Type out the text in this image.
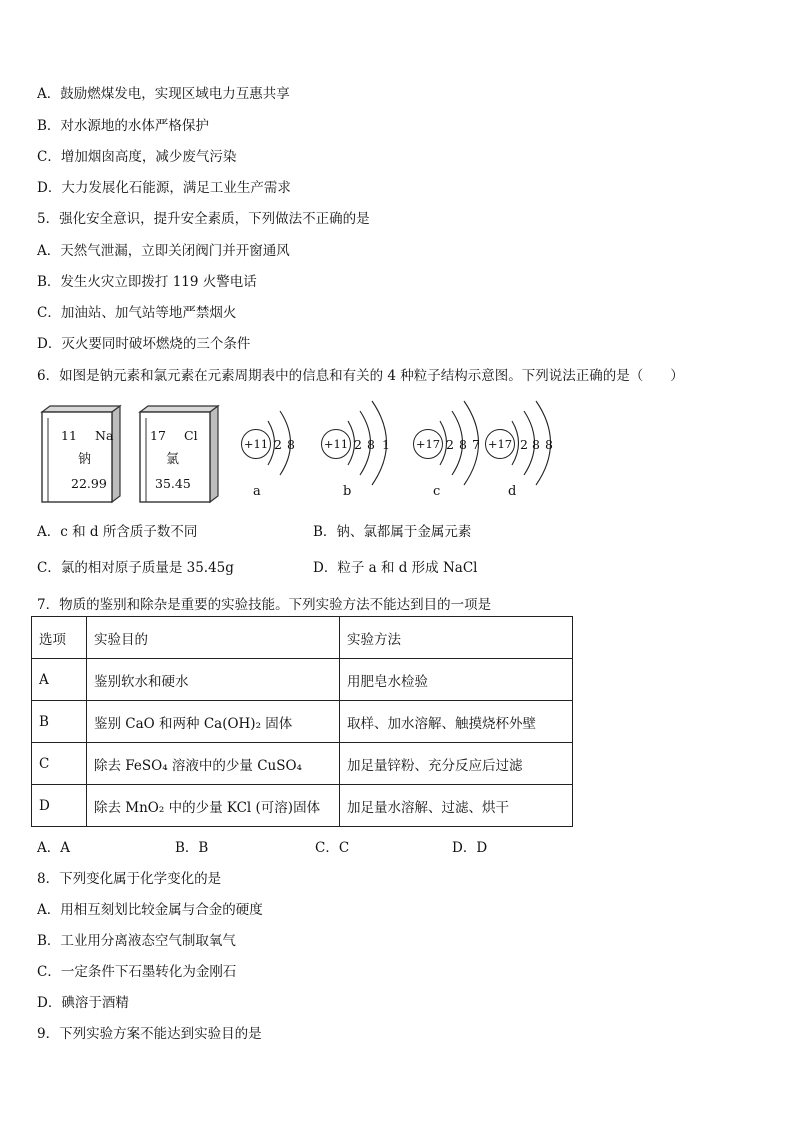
A．鼓励燃煤发电，实现区域电力互惠共享
B．对水源地的水体严格保护
C．增加烟囱高度，减少废气污染
D．大力发展化石能源，满足工业生产需求
5．强化安全意识，提升安全素质，下列做法不正确的是
A．天然气泄漏，立即关闭阀门并开窗通风
B．发生火灾立即拨打 119 火警电话
C．加油站、加气站等地严禁烟火
D．灭火要同时破坏燃烧的三个条件
6．如图是钠元素和氯元素在元素周期表中的信息和有关的 4 种粒子结构示意图。下列说法正确的是（　　）
11 Na
钠
22.99
17 Cl
氯
35.45
+11 2 8
a
+11 2 8 1
b
+17 2 8 7
c
+17 2 8 8
d
A．c 和 d 所含质子数不同	B．钠、氯都属于金属元素
C．氯的相对原子质量是 35.45g	D．粒子 a 和 d 形成 NaCl
7．物质的鉴别和除杂是重要的实验技能。下列实验方法不能达到目的一项是
选项	实验目的	实验方法
A	鉴别软水和硬水	用肥皂水检验
B	鉴别 CaO 和两种 Ca(OH)₂ 固体	取样、加水溶解、触摸烧杯外壁
C	除去 FeSO₄ 溶液中的少量 CuSO₄	加足量锌粉、充分反应后过滤
D	除去 MnO₂ 中的少量 KCl (可溶)固体	加足量水溶解、过滤、烘干
A．A	B．B	C．C	D．D
8．下列变化属于化学变化的是
A．用相互刻划比较金属与合金的硬度
B．工业用分离液态空气制取氧气
C．一定条件下石墨转化为金刚石
D．碘溶于酒精
9．下列实验方案不能达到实验目的是
